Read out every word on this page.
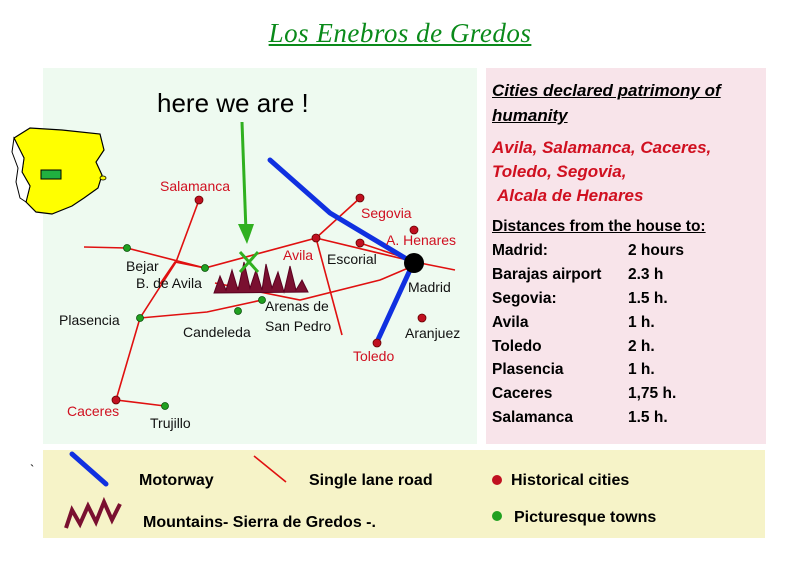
Los Enebros de Gredos
here we are !
Salamanca
Segovia
A. Henares
Avila
Toledo
Caceres
Bejar
B. de Avila
Escorial
Madrid
Plasencia
Candeleda
Arenas de
San Pedro	Aranjuez
Trujillo
Cities declared patrimony of
humanity
Avila, Salamanca, Caceres,
Toledo, Segovia,
Alcala de Henares
Distances from the house to:
Madrid:	2 hours
Barajas airport 2.3 h
Segovia:	1.5 h.
Avila	1 h.
Toledo	2 h.
Plasencia	1 h.
Caceres	1,75 h.
Salamanca	1.5 h.
`
Motorway	Single lane road	Historical cities
Mountains- Sierra de Gredos -.	Picturesque towns
